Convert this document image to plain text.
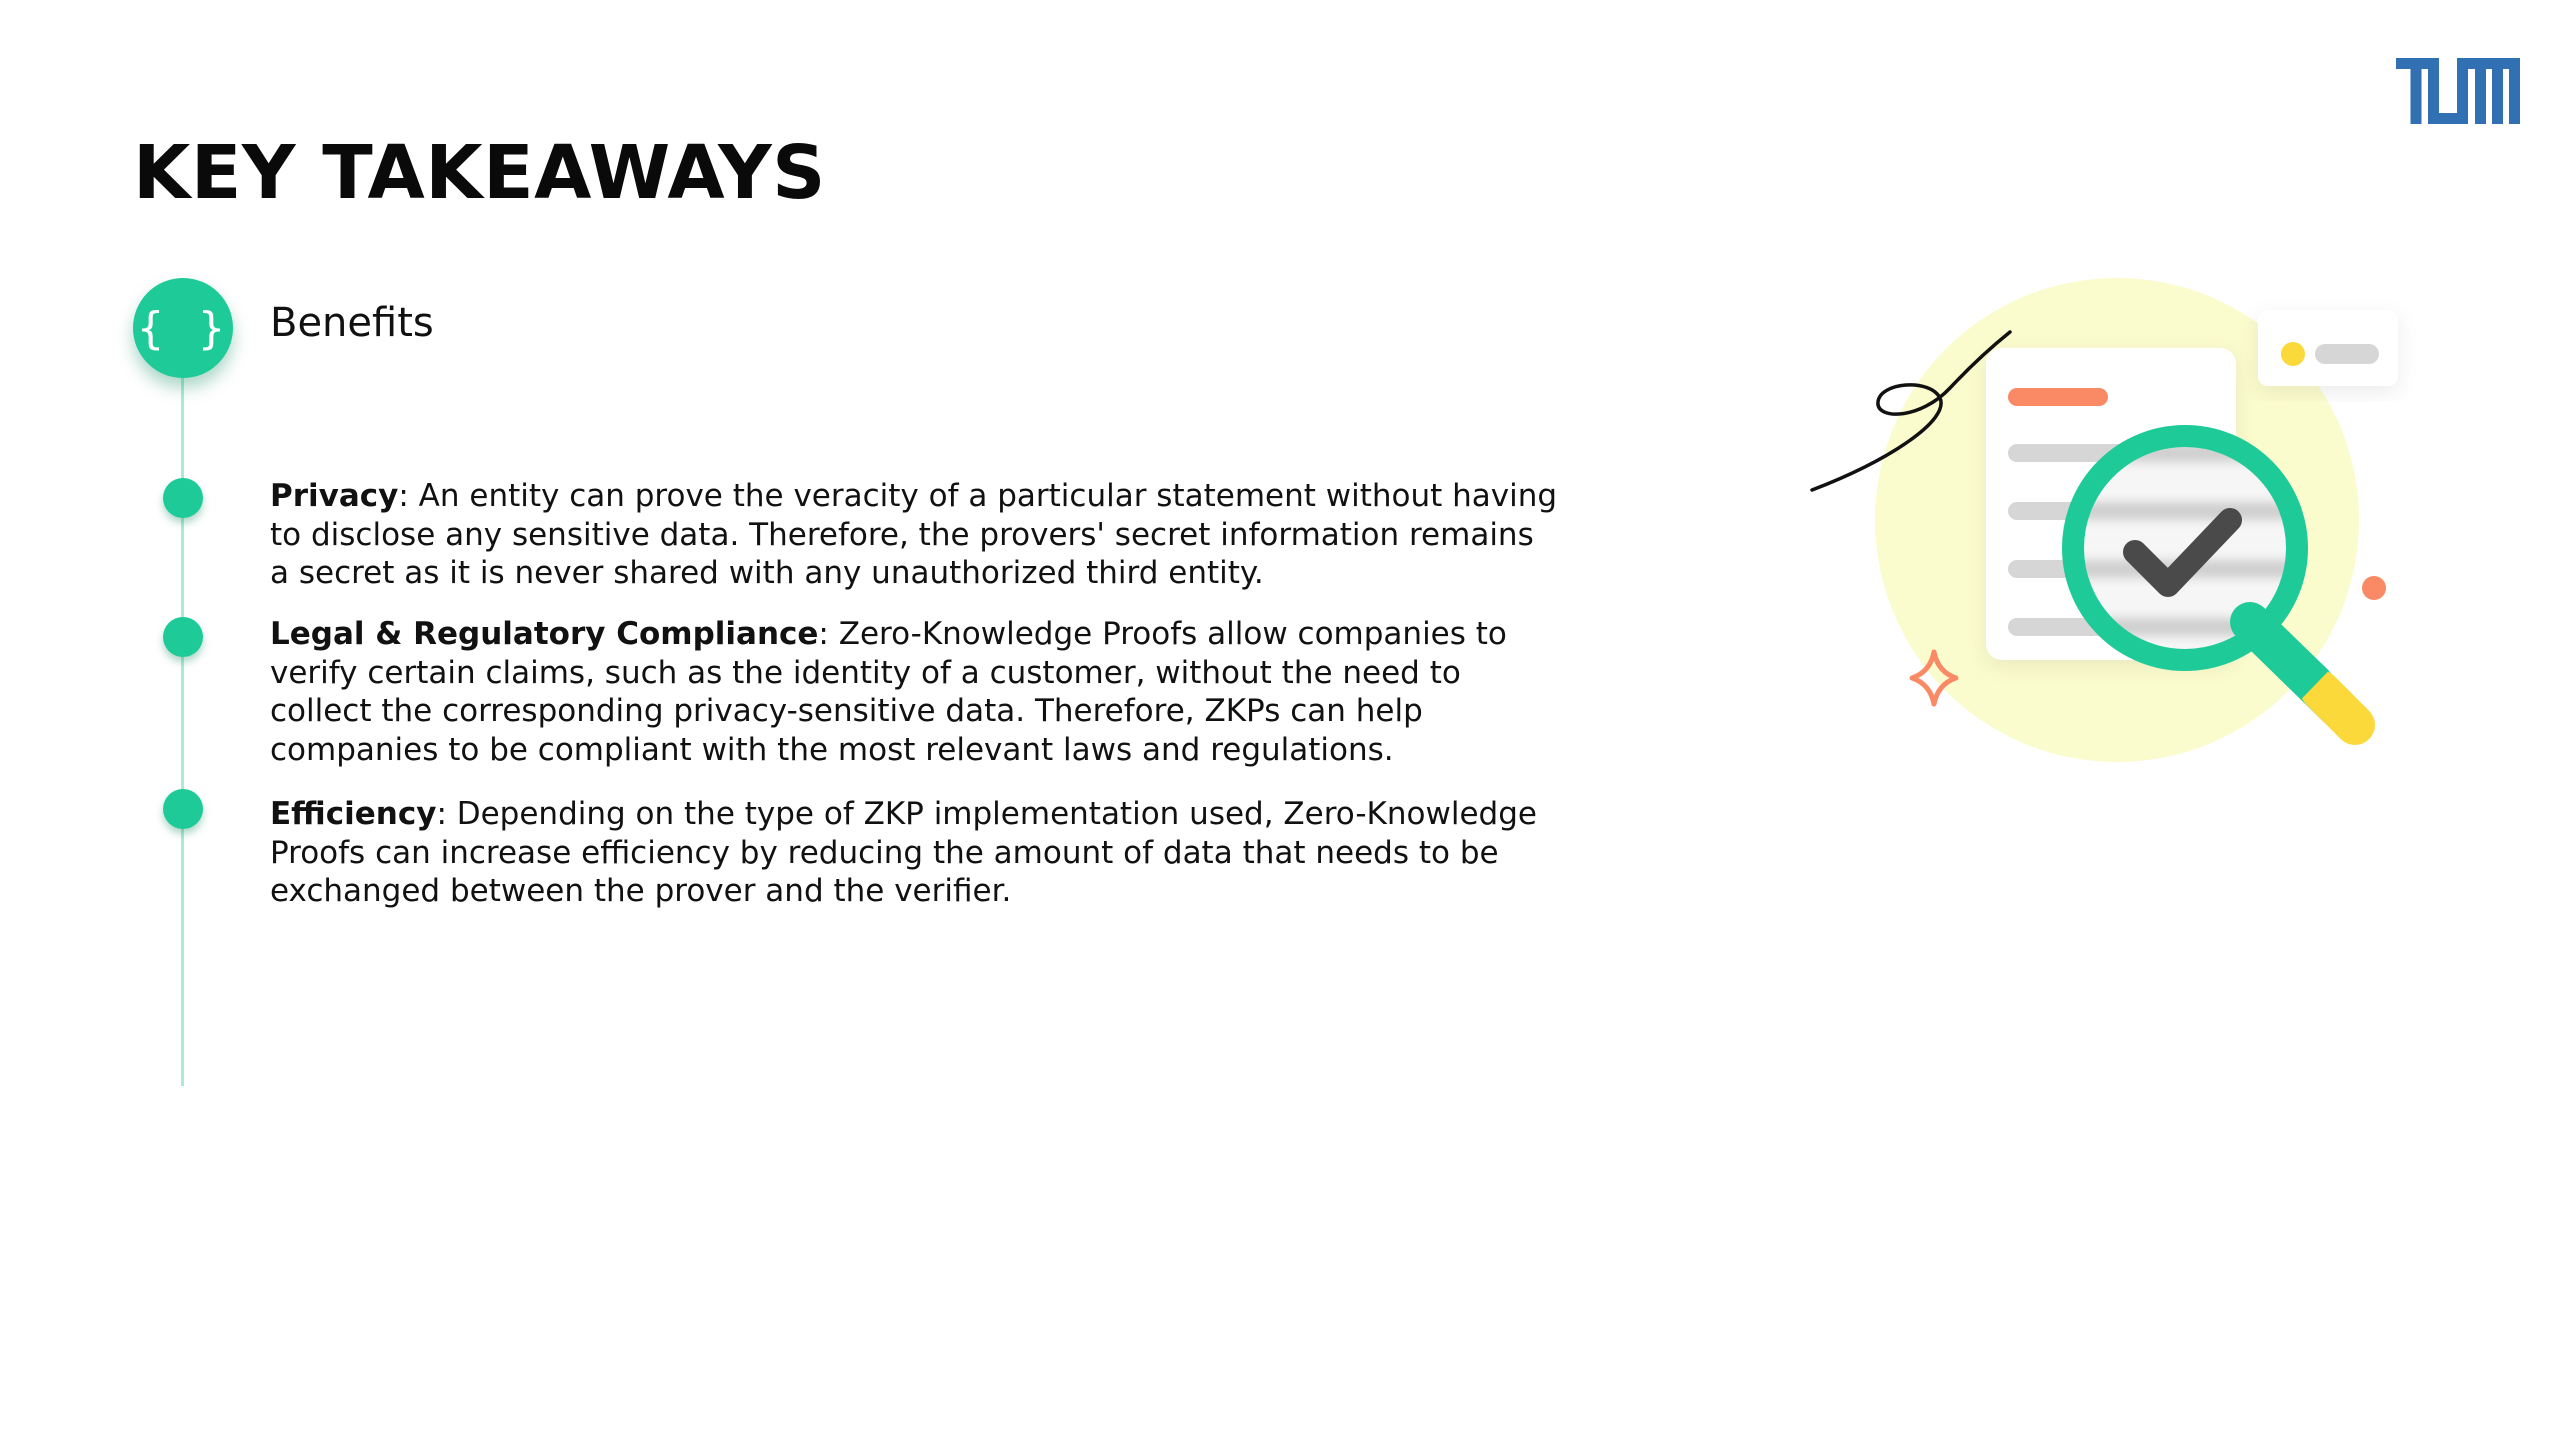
KEY TAKEAWAYS
{ } Benefits
Privacy: An entity can prove the veracity of a particular statement without having to disclose any sensitive data. Therefore, the provers' secret information remains a secret as it is never shared with any unauthorized third entity.
Legal & Regulatory Compliance: Zero-Knowledge Proofs allow companies to verify certain claims, such as the identity of a customer, without the need to collect the corresponding privacy-sensitive data. Therefore, ZKPs can help companies to be compliant with the most relevant laws and regulations.
Efficiency: Depending on the type of ZKP implementation used, Zero-Knowledge Proofs can increase efficiency by reducing the amount of data that needs to be exchanged between the prover and the verifier.
